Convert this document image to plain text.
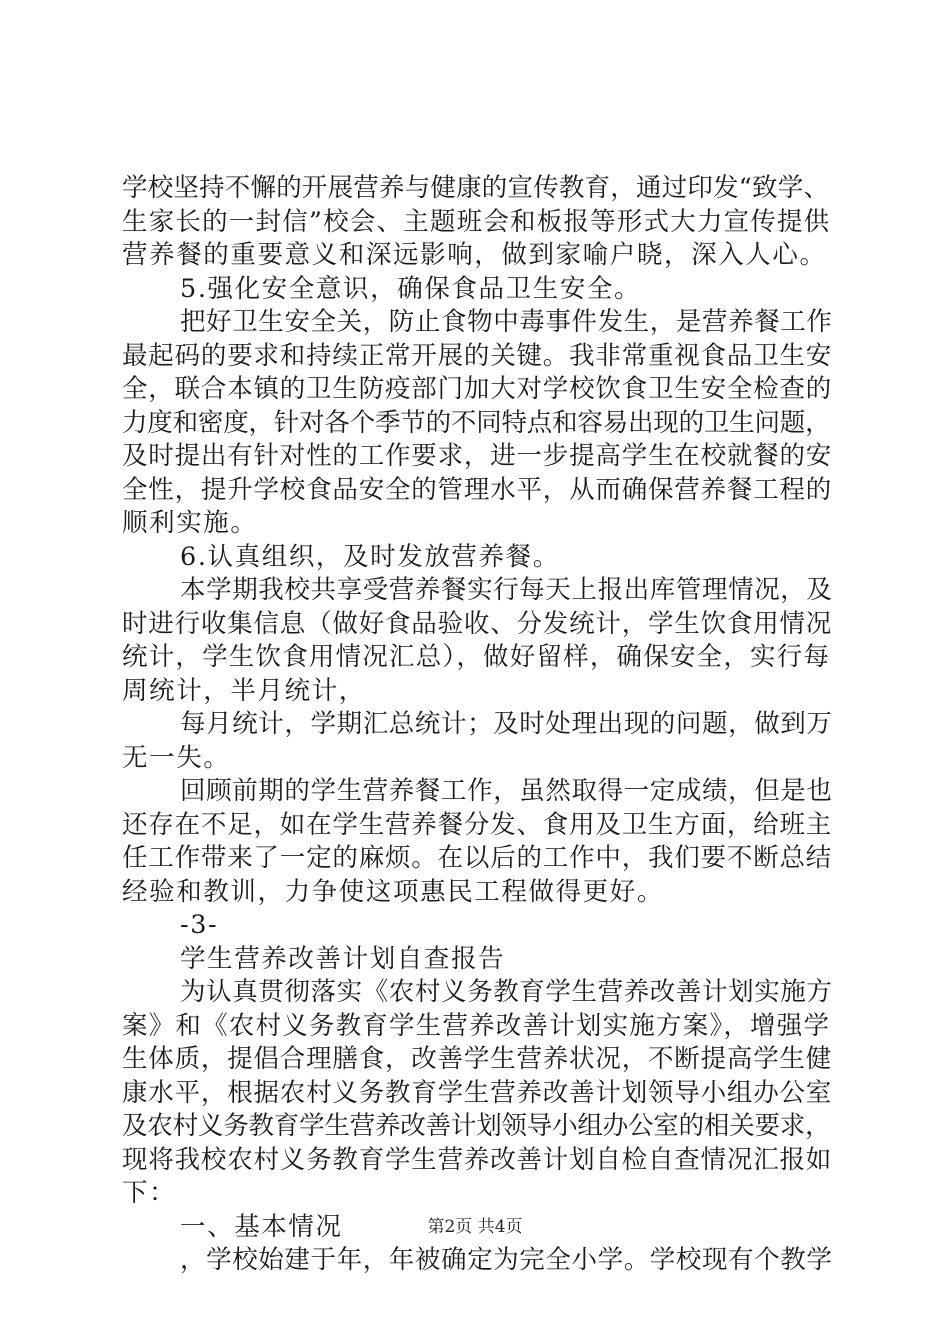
学校坚持不懈的开展营养与健康的宣传教育，通过印发“致学、
生家长的一封信”校会、主题班会和板报等形式大力宣传提供
营养餐的重要意义和深远影响，做到家喻户晓，深入人心。
5.强化安全意识，确保食品卫生安全。
把好卫生安全关，防止食物中毒事件发生，是营养餐工作
最起码的要求和持续正常开展的关键。我非常重视食品卫生安
全，联合本镇的卫生防疫部门加大对学校饮食卫生安全检查的
力度和密度，针对各个季节的不同特点和容易出现的卫生问题，
及时提出有针对性的工作要求，进一步提高学生在校就餐的安
全性，提升学校食品安全的管理水平，从而确保营养餐工程的
顺利实施。
6.认真组织，及时发放营养餐。
本学期我校共享受营养餐实行每天上报出库管理情况，及
时进行收集信息（做好食品验收、分发统计，学生饮食用情况
统计，学生饮食用情况汇总），做好留样，确保安全，实行每
周统计，半月统计，
每月统计，学期汇总统计；及时处理出现的问题，做到万
无一失。
回顾前期的学生营养餐工作，虽然取得一定成绩，但是也
还存在不足，如在学生营养餐分发、食用及卫生方面，给班主
任工作带来了一定的麻烦。在以后的工作中，我们要不断总结
经验和教训，力争使这项惠民工程做得更好。
-3-
学生营养改善计划自查报告
为认真贯彻落实《农村义务教育学生营养改善计划实施方
案》和《农村义务教育学生营养改善计划实施方案》，增强学
生体质，提倡合理膳食，改善学生营养状况，不断提高学生健
康水平，根据农村义务教育学生营养改善计划领导小组办公室
及农村义务教育学生营养改善计划领导小组办公室的相关要求，
现将我校农村义务教育学生营养改善计划自检自查情况汇报如
下：
一、基本情况
，学校始建于年，年被确定为完全小学。学校现有个教学
第2页 共4页
